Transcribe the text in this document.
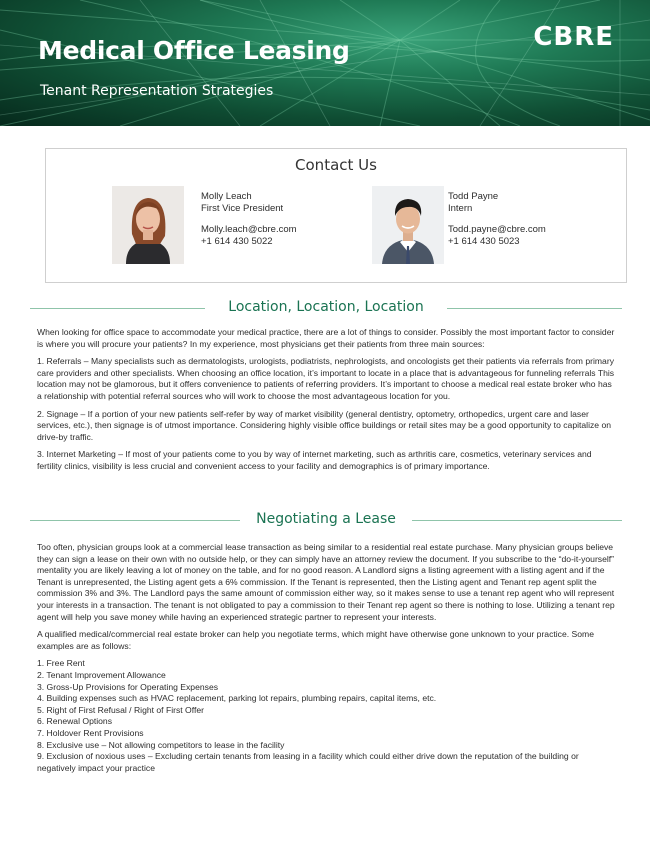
Medical Office Leasing
Tenant Representation Strategies
CBRE
Contact Us
Molly Leach
First Vice President
Molly.leach@cbre.com
+1 614 430 5022
Todd Payne
Intern
Todd.payne@cbre.com
+1 614 430 5023
Location, Location, Location

When looking for office space to accommodate your medical practice, there are a lot of things to consider. Possibly the most important factor to consider is where you will procure your patients? In my experience, most physicians get their patients from three main sources:

1. Referrals – Many specialists such as dermatologists, urologists, podiatrists, nephrologists, and oncologists get their patients via referrals from primary care providers and other specialists. When choosing an office location, it’s important to locate in a place that is advantageous for funneling referrals This location may not be glamorous, but it offers convenience to patients of referring providers. It’s important to choose a medical real estate broker who has a relationship with potential referral sources who will work to choose the most advantageous location for you.

2. Signage – If a portion of your new patients self-refer by way of market visibility (general dentistry, optometry, orthopedics, urgent care and laser services, etc.), then signage is of utmost importance. Considering highly visible office buildings or retail sites may be a good opportunity to capitalize on drive-by traffic.

3. Internet Marketing – If most of your patients come to you by way of internet marketing, such as arthritis care, cosmetics, veterinary services and fertility clinics, visibility is less crucial and convenient access to your facility and demographics is of primary importance.

Negotiating a Lease

Too often, physician groups look at a commercial lease transaction as being similar to a residential real estate purchase. Many physician groups believe they can sign a lease on their own with no outside help, or they can simply have an attorney review the document. If you subscribe to the “do-it-yourself” mentality you are likely leaving a lot of money on the table, and for no good reason. A Landlord signs a listing agreement with a listing agent and if the Tenant is unrepresented, the Listing agent gets a 6% commission. If the Tenant is represented, then the Listing agent and Tenant rep agent split the commission 3% and 3%. The Landlord pays the same amount of commission either way, so it makes sense to use a tenant rep agent who will represent your interests in a transaction. The tenant is not obligated to pay a commission to their Tenant rep agent so there is nothing to lose. Utilizing a tenant rep agent will help you save money while having an experienced strategic partner to represent your interests.

A qualified medical/commercial real estate broker can help you negotiate terms, which might have otherwise gone unknown to your practice. Some examples are as follows:

1. Free Rent
2. Tenant Improvement Allowance
3. Gross-Up Provisions for Operating Expenses
4. Building expenses such as HVAC replacement, parking lot repairs, plumbing repairs, capital items, etc.
5. Right of First Refusal / Right of First Offer
6. Renewal Options
7. Holdover Rent Provisions
8. Exclusive use – Not allowing competitors to lease in the facility
9. Exclusion of noxious uses – Excluding certain tenants from leasing in a facility which could either drive down the reputation of the building or negatively impact your practice
